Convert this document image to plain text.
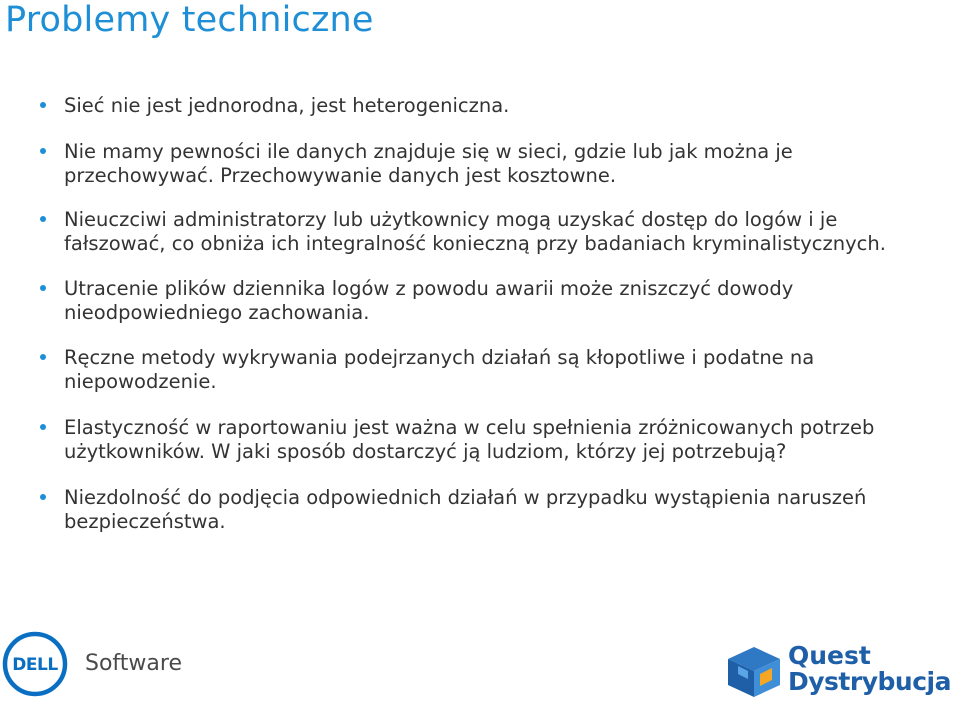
Problemy techniczne
Sieć nie jest jednorodna, jest heterogeniczna.
Nie mamy pewności ile danych znajduje się w sieci, gdzie lub jak można je przechowywać. Przechowywanie danych jest kosztowne.
Nieuczciwi administratorzy lub użytkownicy mogą uzyskać dostęp do logów i je fałszować, co obniża ich integralność konieczną przy badaniach kryminalistycznych.
Utracenie plików dziennika logów z powodu awarii może zniszczyć dowody nieodpowiedniego zachowania.
Ręczne metody wykrywania podejrzanych działań są kłopotliwe i podatne na niepowodzenie.
Elastyczność w raportowaniu jest ważna w celu spełnienia zróżnicowanych potrzeb użytkowników. W jaki sposób dostarczyć ją ludziom, którzy jej potrzebują?
Niezdolność do podjęcia odpowiednich działań w przypadku wystąpienia naruszeń bezpieczeństwa.
DELL Software	Quest
Dystrybucja
